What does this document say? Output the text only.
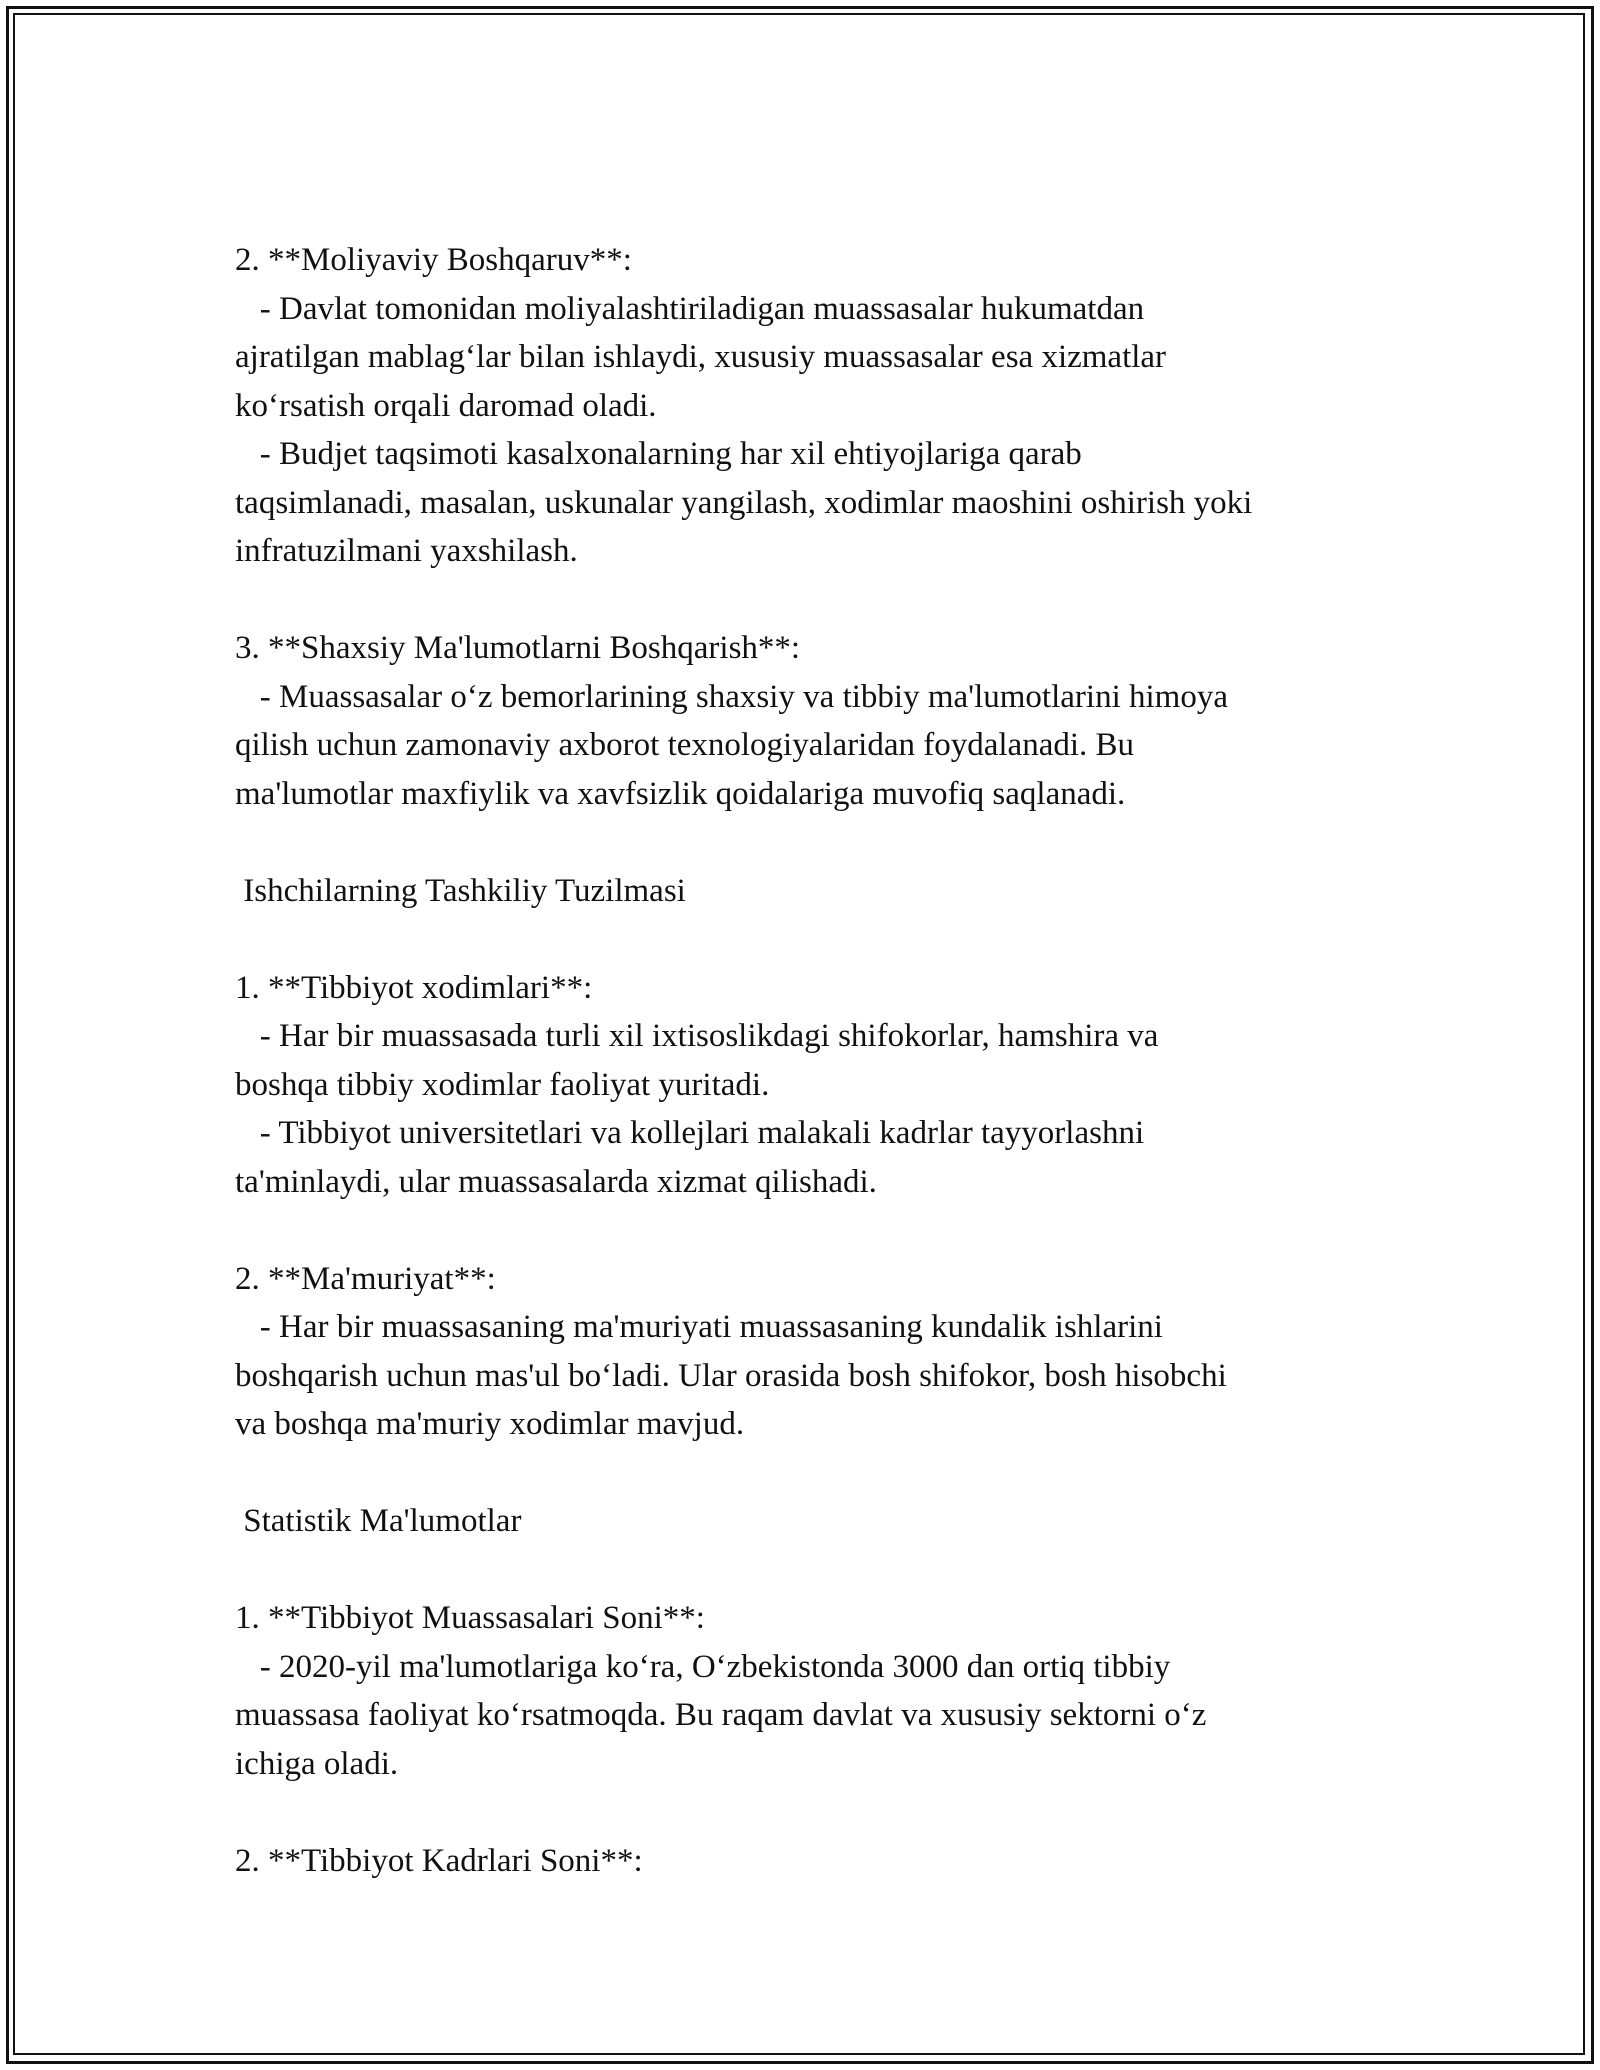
2. **Moliyaviy Boshqaruv**:
- Davlat tomonidan moliyalashtiriladigan muassasalar hukumatdan
ajratilgan mablag‘lar bilan ishlaydi, xususiy muassasalar esa xizmatlar
ko‘rsatish orqali daromad oladi.
- Budjet taqsimoti kasalxonalarning har xil ehtiyojlariga qarab
taqsimlanadi, masalan, uskunalar yangilash, xodimlar maoshini oshirish yoki
infratuzilmani yaxshilash.
3. **Shaxsiy Ma'lumotlarni Boshqarish**:
- Muassasalar o‘z bemorlarining shaxsiy va tibbiy ma'lumotlarini himoya
qilish uchun zamonaviy axborot texnologiyalaridan foydalanadi. Bu
ma'lumotlar maxfiylik va xavfsizlik qoidalariga muvofiq saqlanadi.
Ishchilarning Tashkiliy Tuzilmasi
1. **Tibbiyot xodimlari**:
- Har bir muassasada turli xil ixtisoslikdagi shifokorlar, hamshira va
boshqa tibbiy xodimlar faoliyat yuritadi.
- Tibbiyot universitetlari va kollejlari malakali kadrlar tayyorlashni
ta'minlaydi, ular muassasalarda xizmat qilishadi.
2. **Ma'muriyat**:
- Har bir muassasaning ma'muriyati muassasaning kundalik ishlarini
boshqarish uchun mas'ul bo‘ladi. Ular orasida bosh shifokor, bosh hisobchi
va boshqa ma'muriy xodimlar mavjud.
Statistik Ma'lumotlar
1. **Tibbiyot Muassasalari Soni**:
- 2020-yil ma'lumotlariga ko‘ra, O‘zbekistonda 3000 dan ortiq tibbiy
muassasa faoliyat ko‘rsatmoqda. Bu raqam davlat va xususiy sektorni o‘z
ichiga oladi.
2. **Tibbiyot Kadrlari Soni**:
